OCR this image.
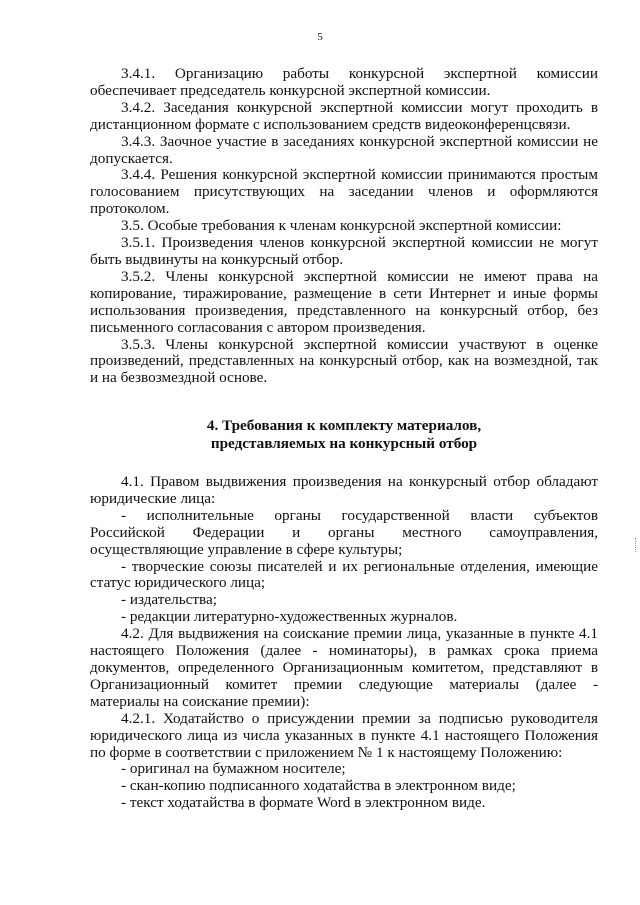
5
3.4.1. Организацию работы конкурсной экспертной комиссии
обеспечивает председатель конкурсной экспертной комиссии.
3.4.2. Заседания конкурсной экспертной комиссии могут проходить в
дистанционном формате с использованием средств видеоконференцсвязи.
3.4.3. Заочное участие в заседаниях конкурсной экспертной комиссии не
допускается.
3.4.4. Решения конкурсной экспертной комиссии принимаются простым
голосованием присутствующих на заседании членов и оформляются
протоколом.
3.5. Особые требования к членам конкурсной экспертной комиссии:
3.5.1. Произведения членов конкурсной экспертной комиссии не могут
быть выдвинуты на конкурсный отбор.
3.5.2. Члены конкурсной экспертной комиссии не имеют права на
копирование, тиражирование, размещение в сети Интернет и иные формы
использования произведения, представленного на конкурсный отбор, без
письменного согласования с автором произведения.
3.5.3. Члены конкурсной экспертной комиссии участвуют в оценке
произведений, представленных на конкурсный отбор, как на возмездной, так
и на безвозмездной основе.
4. Требования к комплекту материалов,
представляемых на конкурсный отбор
4.1. Правом выдвижения произведения на конкурсный отбор обладают
юридические лица:
- исполнительные органы государственной власти субъектов
Российской Федерации и органы местного самоуправления,
осуществляющие управление в сфере культуры;
- творческие союзы писателей и их региональные отделения, имеющие
статус юридического лица;
- издательства;
- редакции литературно-художественных журналов.
4.2. Для выдвижения на соискание премии лица, указанные в пункте 4.1
настоящего Положения (далее - номинаторы), в рамках срока приема
документов, определенного Организационным комитетом, представляют в
Организационный комитет премии следующие материалы (далее -
материалы на соискание премии):
4.2.1. Ходатайство о присуждении премии за подписью руководителя
юридического лица из числа указанных в пункте 4.1 настоящего Положения
по форме в соответствии с приложением № 1 к настоящему Положению:
- оригинал на бумажном носителе;
- скан-копию подписанного ходатайства в электронном виде;
- текст ходатайства в формате Word в электронном виде.
